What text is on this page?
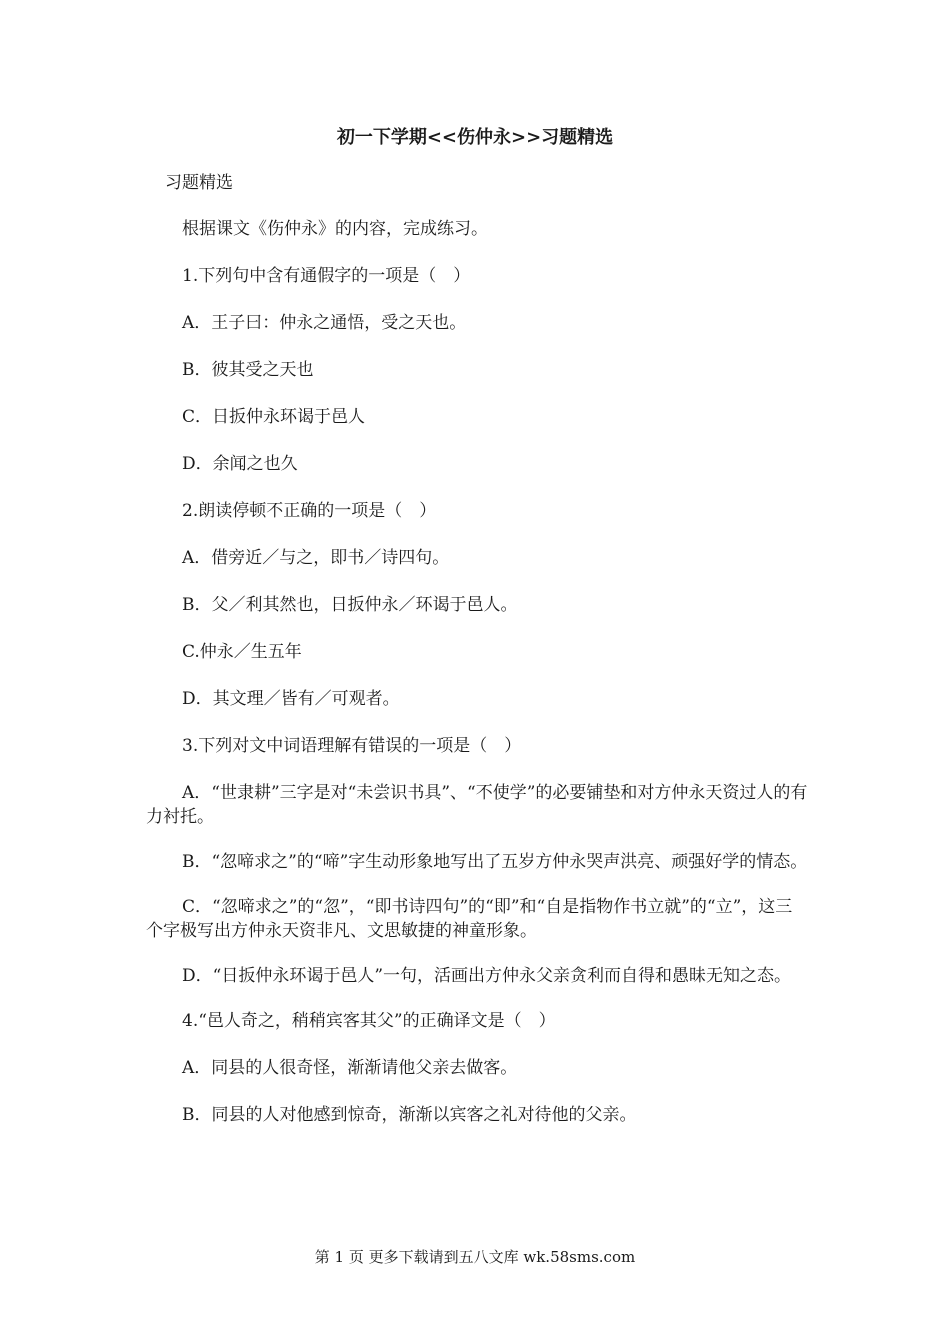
初一下学期<<伤仲永>>习题精选
习题精选

根据课文《伤仲永》的内容，完成练习。

1.下列句中含有通假字的一项是（　）

A．王子曰：仲永之通悟，受之天也。

B．彼其受之天也

C．日扳仲永环谒于邑人

D．余闻之也久

2.朗读停顿不正确的一项是（　）

A．借旁近／与之，即书／诗四句。

B．父／利其然也，日扳仲永／环谒于邑人。

C.仲永／生五年

D．其文理／皆有／可观者。

3.下列对文中词语理解有错误的一项是（　）

A．“世隶耕”三字是对“未尝识书具”、“不使学”的必要铺垫和对方仲永天资过人的有力衬托。

B．“忽啼求之”的“啼”字生动形象地写出了五岁方仲永哭声洪亮、顽强好学的情态。

C．“忽啼求之”的“忽”，“即书诗四句”的“即”和“自是指物作书立就”的“立”，这三个字极写出方仲永天资非凡、文思敏捷的神童形象。

D．“日扳仲永环谒于邑人”一句，活画出方仲永父亲贪利而自得和愚昧无知之态。

4.“邑人奇之，稍稍宾客其父”的正确译文是（　）

A．同县的人很奇怪，渐渐请他父亲去做客。

B．同县的人对他感到惊奇，渐渐以宾客之礼对待他的父亲。

第 1 页 更多下载请到五八文库 wk.58sms.com
